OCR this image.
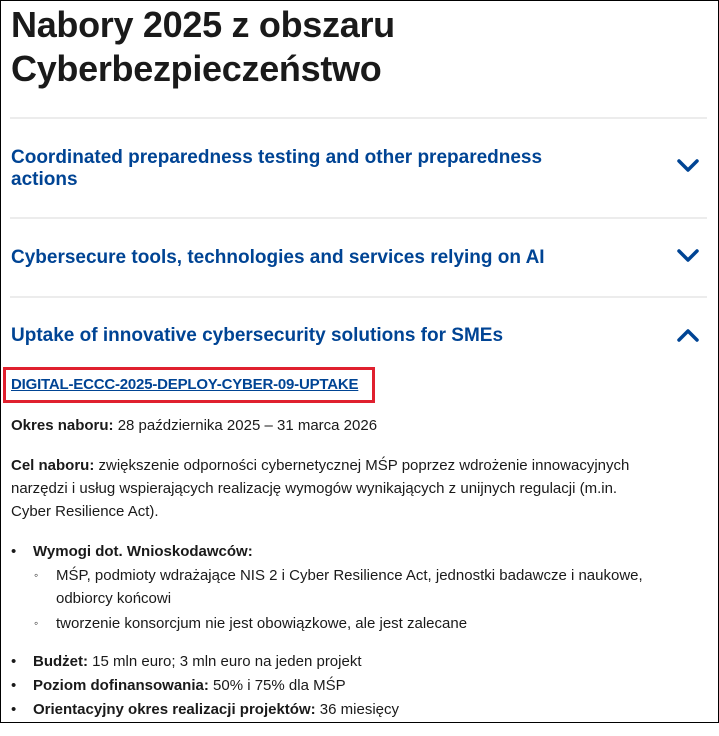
Nabory 2025 z obszaru
Cyberbezpieczeństwo
Coordinated preparedness testing and other preparedness
actions
Cybersecure tools, technologies and services relying on AI
Uptake of innovative cybersecurity solutions for SMEs
DIGITAL-ECCC-2025-DEPLOY-CYBER-09-UPTAKE

Okres naboru: 28 października 2025 – 31 marca 2026

Cel naboru: zwiększenie odporności cybernetycznej MŚP poprzez wdrożenie innowacyjnych
narzędzi i usług wspierających realizację wymogów wynikających z unijnych regulacji (m.in.
Cyber Resilience Act).

• Wymogi dot. Wnioskodawców:
◦ MŚP, podmioty wdrażające NIS 2 i Cyber Resilience Act, jednostki badawcze i naukowe,
odbiorcy końcowi
◦ tworzenie konsorcjum nie jest obowiązkowe, ale jest zalecane
• Budżet: 15 mln euro; 3 mln euro na jeden projekt
• Poziom dofinansowania: 50% i 75% dla MŚP
• Orientacyjny okres realizacji projektów: 36 miesięcy
